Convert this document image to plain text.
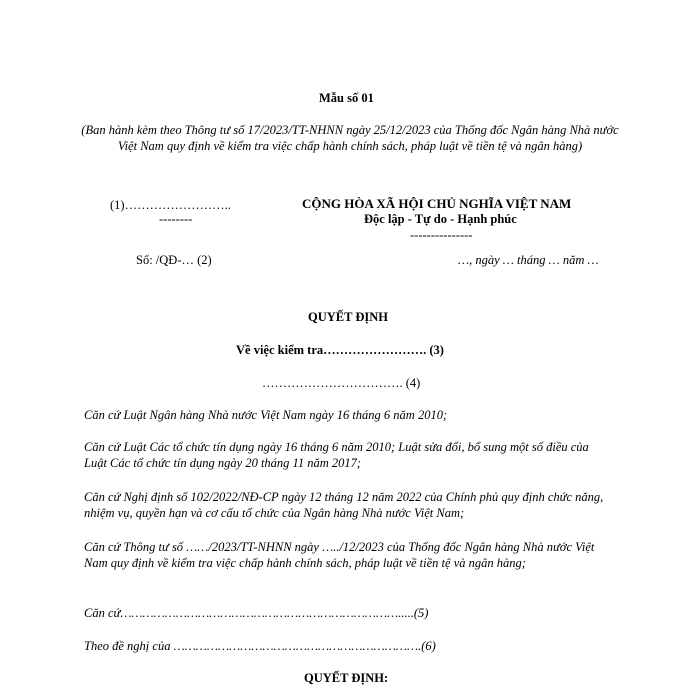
Mẫu số 01
(Ban hành kèm theo Thông tư số 17/2023/TT-NHNN ngày 25/12/2023 của Thống đốc Ngân hàng Nhà nước Việt Nam quy định về kiểm tra việc chấp hành chính sách, pháp luật về tiền tệ và ngân hàng)
(1)……………………..
--------
Số: /QĐ-… (2)
CỘNG HÒA XÃ HỘI CHỦ NGHĨA VIỆT NAM
Độc lập - Tự do - Hạnh phúc
---------------
…, ngày … tháng … năm …
QUYẾT ĐỊNH
Về việc kiểm tra……………………. (3)
……………………………. (4)
Căn cứ Luật Ngân hàng Nhà nước Việt Nam ngày 16 tháng 6 năm 2010;
Căn cứ Luật Các tổ chức tín dụng ngày 16 tháng 6 năm 2010; Luật sửa đổi, bổ sung một số điều của Luật Các tổ chức tín dụng ngày 20 tháng 11 năm 2017;
Căn cứ Nghị định số 102/2022/NĐ-CP ngày 12 tháng 12 năm 2022 của Chính phủ quy định chức năng, nhiệm vụ, quyền hạn và cơ cấu tổ chức của Ngân hàng Nhà nước Việt Nam;
Căn cứ Thông tư số ……/2023/TT-NHNN ngày …../12/2023 của Thống đốc Ngân hàng Nhà nước Việt Nam quy định về kiểm tra việc chấp hành chính sách, pháp luật về tiền tệ và ngân hàng;
Căn cứ………………………………………………………………….....(5)
Theo đề nghị của ………………………………………………………….(6)
QUYẾT ĐỊNH:
